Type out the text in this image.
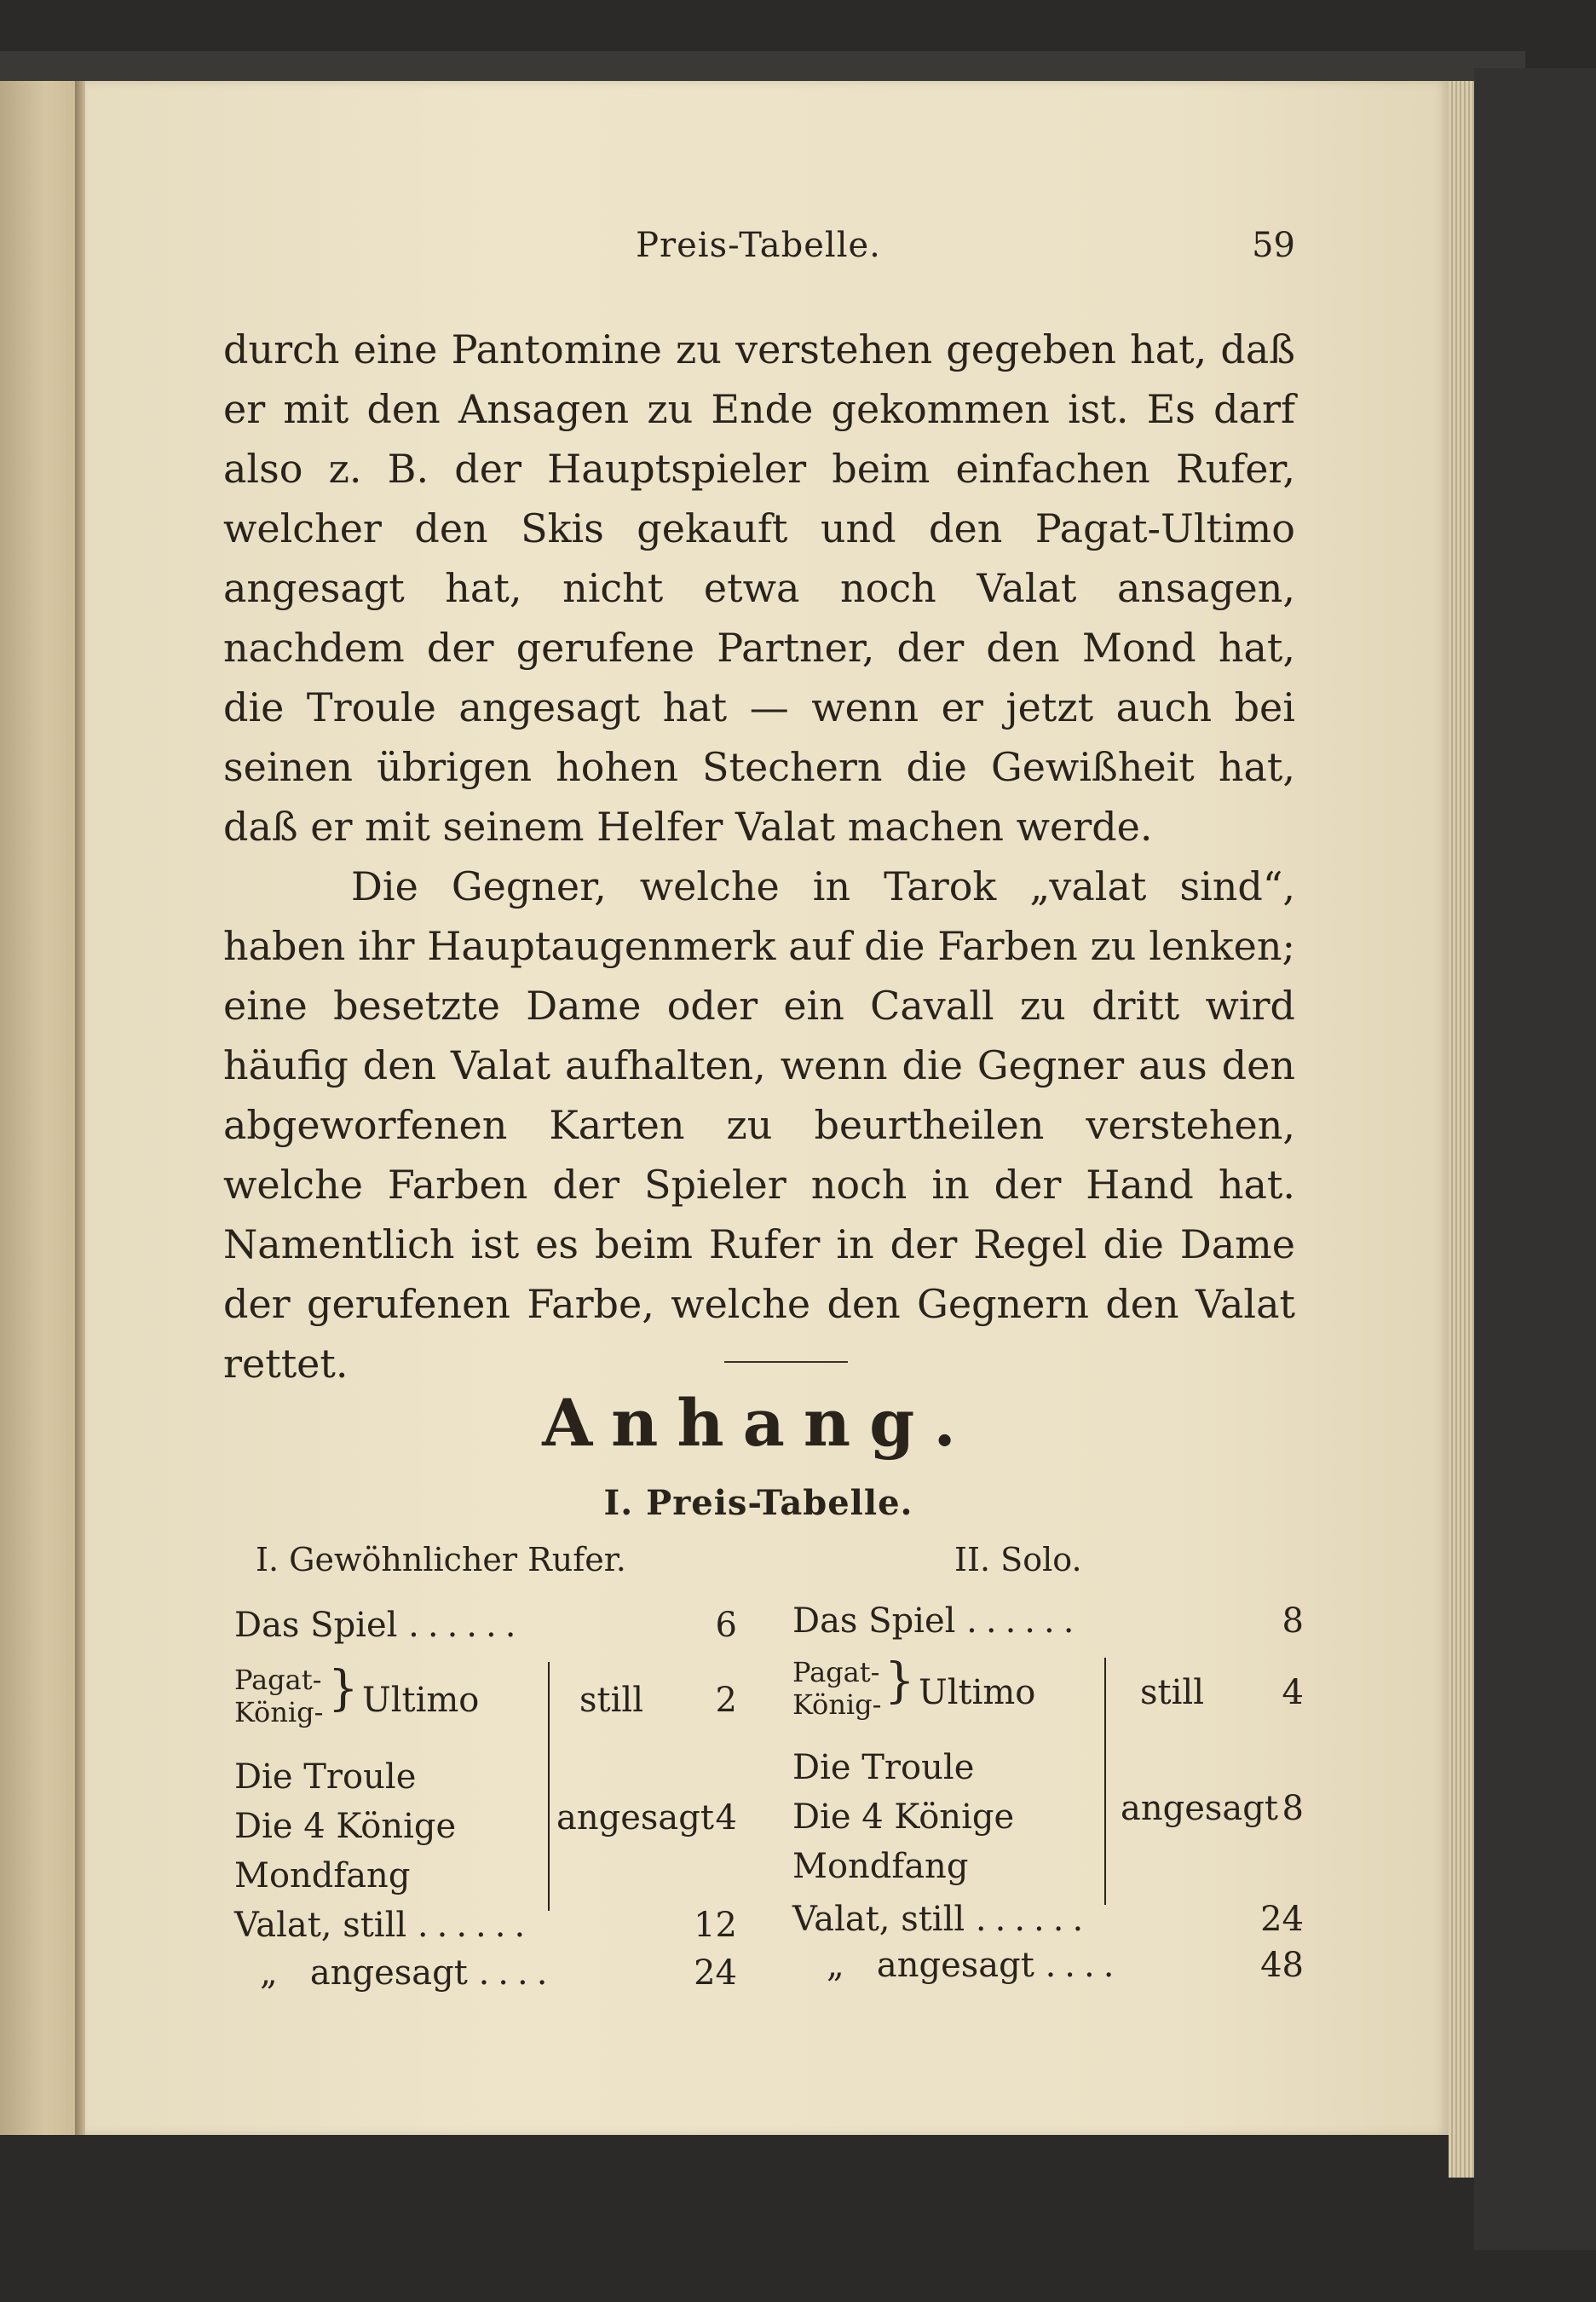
Preis-Tabelle.	59

durch eine Pantomine zu verstehen gegeben hat, daß er mit den Ansagen zu Ende gekommen ist. Es darf also z. B. der Hauptspieler beim einfachen Rufer, welcher den Skis gekauft und den Pagat-Ultimo angesagt hat, nicht etwa noch Valat ansagen, nachdem der gerufene Partner, der den Mond hat, die Troule angesagt hat — wenn er jetzt auch bei seinen übrigen hohen Stechern die Gewißheit hat, daß er mit seinem Helfer Valat machen werde.

Die Gegner, welche in Tarok „valat sind“, haben ihr Hauptaugenmerk auf die Farben zu lenken; eine besetzte Dame oder ein Cavall zu dritt wird häufig den Valat aufhalten, wenn die Gegner aus den abgeworfenen Karten zu beurtheilen verstehen, welche Farben der Spieler noch in der Hand hat. Namentlich ist es beim Rufer in der Regel die Dame der gerufenen Farbe, welche den Gegnern den Valat rettet.

Anhang.
I. Preis-Tabelle.
I. Gewöhnlicher Rufer.	II. Solo.
Das Spiel ......	6
Pagat-
König- } Ultimo	still	2
Die Troule
Die 4 Könige
Mondfang
angesagt 4
Valat, still ......	12
„ angesagt ....	24
Das Spiel ......	8
Pagat-
König- } Ultimo	still	4
Die Troule
Die 4 Könige
Mondfang
angesagt 8
Valat, still ......	24
„ angesagt ....	48
